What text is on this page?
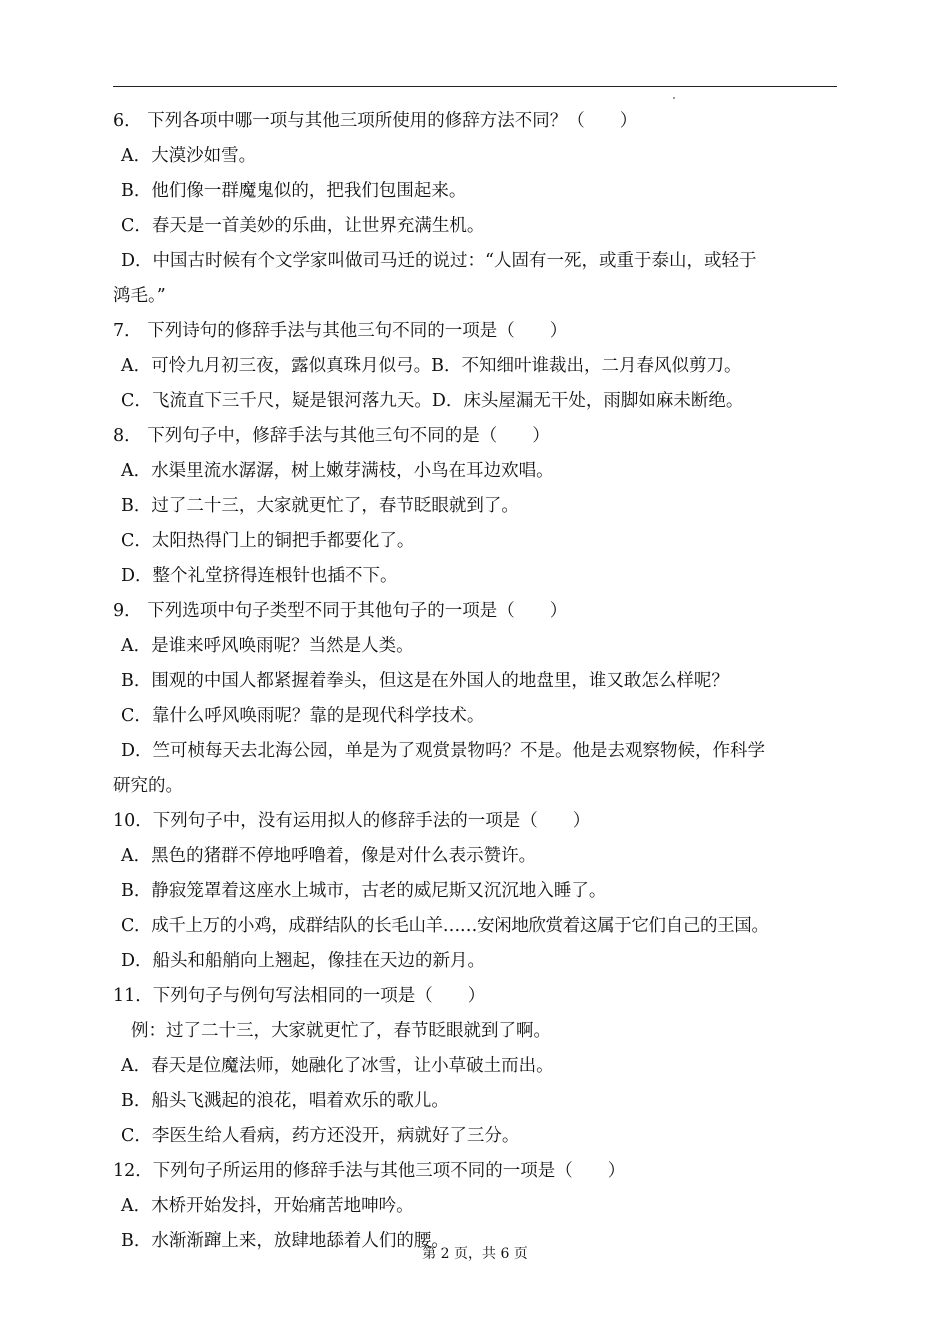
6． 下列各项中哪一项与其他三项所使用的修辞方法不同？（　　）
A．大漠沙如雪。
B．他们像一群魔鬼似的，把我们包围起来。
C．春天是一首美妙的乐曲，让世界充满生机。
D．中国古时候有个文学家叫做司马迁的说过：“人固有一死，或重于泰山，或轻于
鸿毛。”
7． 下列诗句的修辞手法与其他三句不同的一项是（　　）
A．可怜九月初三夜，露似真珠月似弓。B．不知细叶谁裁出，二月春风似剪刀。
C．飞流直下三千尺，疑是银河落九天。D．床头屋漏无干处，雨脚如麻未断绝。
8． 下列句子中，修辞手法与其他三句不同的是（　　）
A．水渠里流水潺潺，树上嫩芽满枝，小鸟在耳边欢唱。
B．过了二十三，大家就更忙了，春节眨眼就到了。
C．太阳热得门上的铜把手都要化了。
D．整个礼堂挤得连根针也插不下。
9． 下列选项中句子类型不同于其他句子的一项是（　　）
A．是谁来呼风唤雨呢？当然是人类。
B．围观的中国人都紧握着拳头，但这是在外国人的地盘里，谁又敢怎么样呢？
C．靠什么呼风唤雨呢？靠的是现代科学技术。
D．竺可桢每天去北海公园，单是为了观赏景物吗？不是。他是去观察物候，作科学
研究的。
10．下列句子中，没有运用拟人的修辞手法的一项是（　　）
A．黑色的猪群不停地呼噜着，像是对什么表示赞许。
B．静寂笼罩着这座水上城市，古老的威尼斯又沉沉地入睡了。
C．成千上万的小鸡，成群结队的长毛山羊……安闲地欣赏着这属于它们自己的王国。
D．船头和船艄向上翘起，像挂在天边的新月。
11．下列句子与例句写法相同的一项是（　　）
例：过了二十三，大家就更忙了，春节眨眼就到了啊。
A．春天是位魔法师，她融化了冰雪，让小草破土而出。
B．船头飞溅起的浪花，唱着欢乐的歌儿。
C．李医生给人看病，药方还没开，病就好了三分。
12．下列句子所运用的修辞手法与其他三项不同的一项是（　　）
A．木桥开始发抖，开始痛苦地呻吟。
B．水渐渐蹿上来，放肆地舔着人们的腰。
第 2 页，共 6 页
